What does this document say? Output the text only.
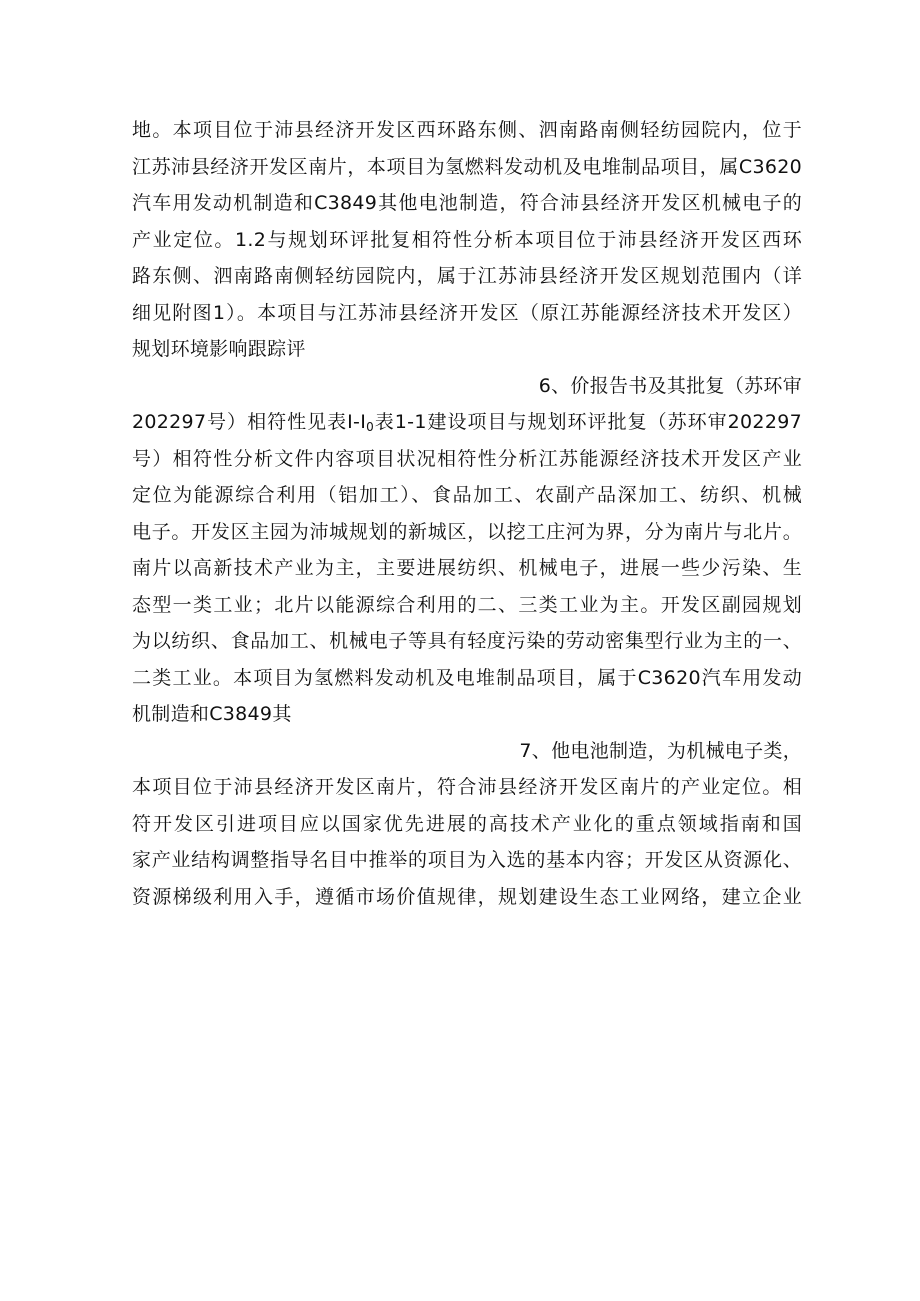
地。本项目位于沛县经济开发区西环路东侧、泗南路南侧轻纺园院内，位于
江苏沛县经济开发区南片，本项目为氢燃料发动机及电堆制品项目，属C3620
汽车用发动机制造和C3849其他电池制造，符合沛县经济开发区机械电子的
产业定位。1.2与规划环评批复相符性分析本项目位于沛县经济开发区西环
路东侧、泗南路南侧轻纺园院内，属于江苏沛县经济开发区规划范围内（详
细见附图1）。本项目与江苏沛县经济开发区（原江苏能源经济技术开发区）
规划环境影响跟踪评
6、价报告书及其批复（苏环审
202297号）相符性见表$I-I_0$表1-1建设项目与规划环评批复（苏环审202297
号）相符性分析文件内容项目状况相符性分析江苏能源经济技术开发区产业
定位为能源综合利用（铝加工）、食品加工、农副产品深加工、纺织、机械
电子。开发区主园为沛城规划的新城区，以挖工庄河为界，分为南片与北片。
南片以高新技术产业为主，主要进展纺织、机械电子，进展一些少污染、生
态型一类工业；北片以能源综合利用的二、三类工业为主。开发区副园规划
为以纺织、食品加工、机械电子等具有轻度污染的劳动密集型行业为主的一、
二类工业。本项目为氢燃料发动机及电堆制品项目，属于C3620汽车用发动
机制造和C3849其
7、他电池制造，为机械电子类，
本项目位于沛县经济开发区南片，符合沛县经济开发区南片的产业定位。相
符开发区引进项目应以国家优先进展的高技术产业化的重点领域指南和国
家产业结构调整指导名目中推举的项目为入选的基本内容；开发区从资源化、
资源梯级利用入手，遵循市场价值规律，规划建设生态工业网络，建立企业
